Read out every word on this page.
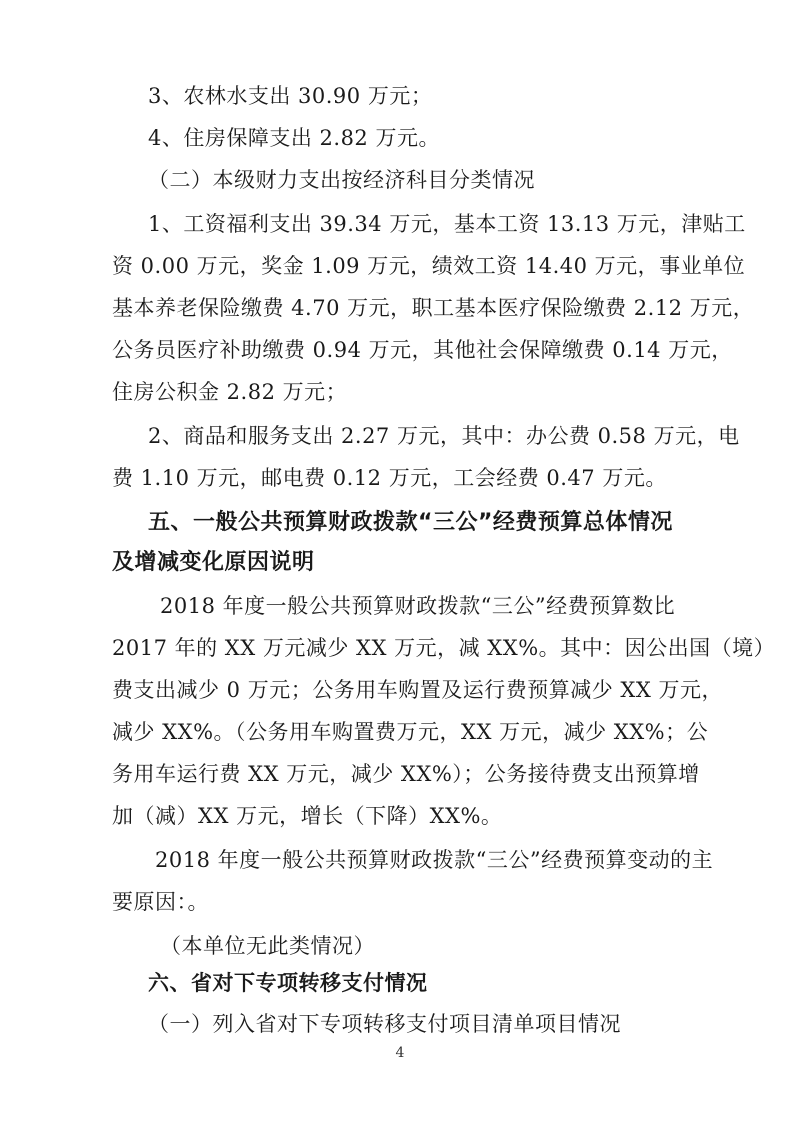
3、农林水支出 30.90 万元；
4、住房保障支出 2.82 万元。
（二）本级财力支出按经济科目分类情况
1、工资福利支出 39.34 万元，基本工资 13.13 万元，津贴工
资 0.00 万元，奖金 1.09 万元，绩效工资 14.40 万元，事业单位
基本养老保险缴费 4.70 万元，职工基本医疗保险缴费 2.12 万元，
公务员医疗补助缴费 0.94 万元，其他社会保障缴费 0.14 万元，
住房公积金 2.82 万元；
2、商品和服务支出 2.27 万元，其中：办公费 0.58 万元，电
费 1.10 万元，邮电费 0.12 万元，工会经费 0.47 万元。
五、一般公共预算财政拨款“三公”经费预算总体情况
及增减变化原因说明
2018 年度一般公共预算财政拨款“三公”经费预算数比
2017 年的 XX 万元减少 XX 万元，减 XX%。其中：因公出国（境）
费支出减少 0 万元；公务用车购置及运行费预算减少 XX 万元，
减少 XX%。（公务用车购置费万元，XX 万元，减少 XX%；公
务用车运行费 XX 万元，减少 XX%）；公务接待费支出预算增
加（减）XX 万元，增长（下降）XX%。
2018 年度一般公共预算财政拨款“三公”经费预算变动的主
要原因：。
（本单位无此类情况）
六、省对下专项转移支付情况
4
（一）列入省对下专项转移支付项目清单项目情况
